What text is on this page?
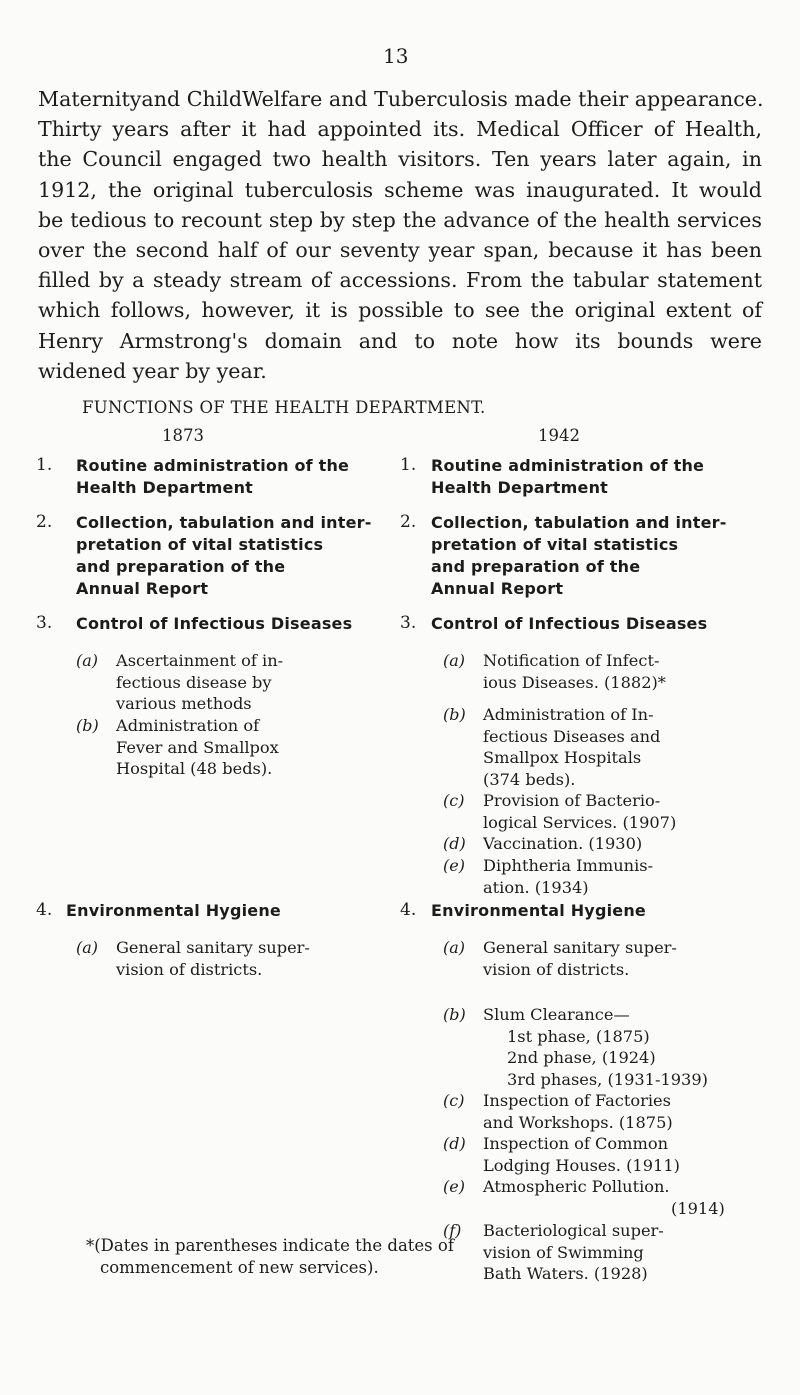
13

Maternityand ChildWelfare and Tuberculosis made their appearance.
Thirty years after it had appointed its. Medical Officer of Health,
the Council engaged two health visitors. Ten years later again, in
1912, the original tuberculosis scheme was inaugurated. It would
be tedious to recount step by step the advance of the health services
over the second half of our seventy year span, because it has been
filled by a steady stream of accessions. From the tabular statement
which follows, however, it is possible to see the original extent of
Henry Armstrong's domain and to note how its bounds were
widened year by year.

FUNCTIONS OF THE HEALTH DEPARTMENT.
1873
1. Routine administration of the
Health Department
2. Collection, tabulation and inter-
pretation of vital statistics
and preparation of the
Annual Report
3. Control of Infectious Diseases
(a) Ascertainment of in-
fectious disease by
various methods
(b) Administration of
Fever and Smallpox
Hospital (48 beds).
4. Environmental Hygiene
(a) General sanitary super-
vision of districts.
1942
1. Routine administration of the
Health Department
2. Collection, tabulation and inter-
pretation of vital statistics
and preparation of the
Annual Report
3. Control of Infectious Diseases
(a) Notification of Infect-
ious Diseases. (1882)*
(b) Administration of In-
fectious Diseases and
Smallpox Hospitals
(374 beds).
(c) Provision of Bacterio-
logical Services. (1907)
(d) Vaccination. (1930)
(e) Diphtheria Immunis-
ation. (1934)
4. Environmental Hygiene
(a) General sanitary super-
vision of districts.
(b) Slum Clearance—
1st phase, (1875)
2nd phase, (1924)
3rd phases, (1931-1939)
(c) Inspection of Factories
and Workshops. (1875)
(d) Inspection of Common
Lodging Houses. (1911)
(e) Atmospheric Pollution.
(1914)
(f) Bacteriological super-
vision of Swimming
Bath Waters. (1928)
*(Dates in parentheses indicate the dates of
commencement of new services).
